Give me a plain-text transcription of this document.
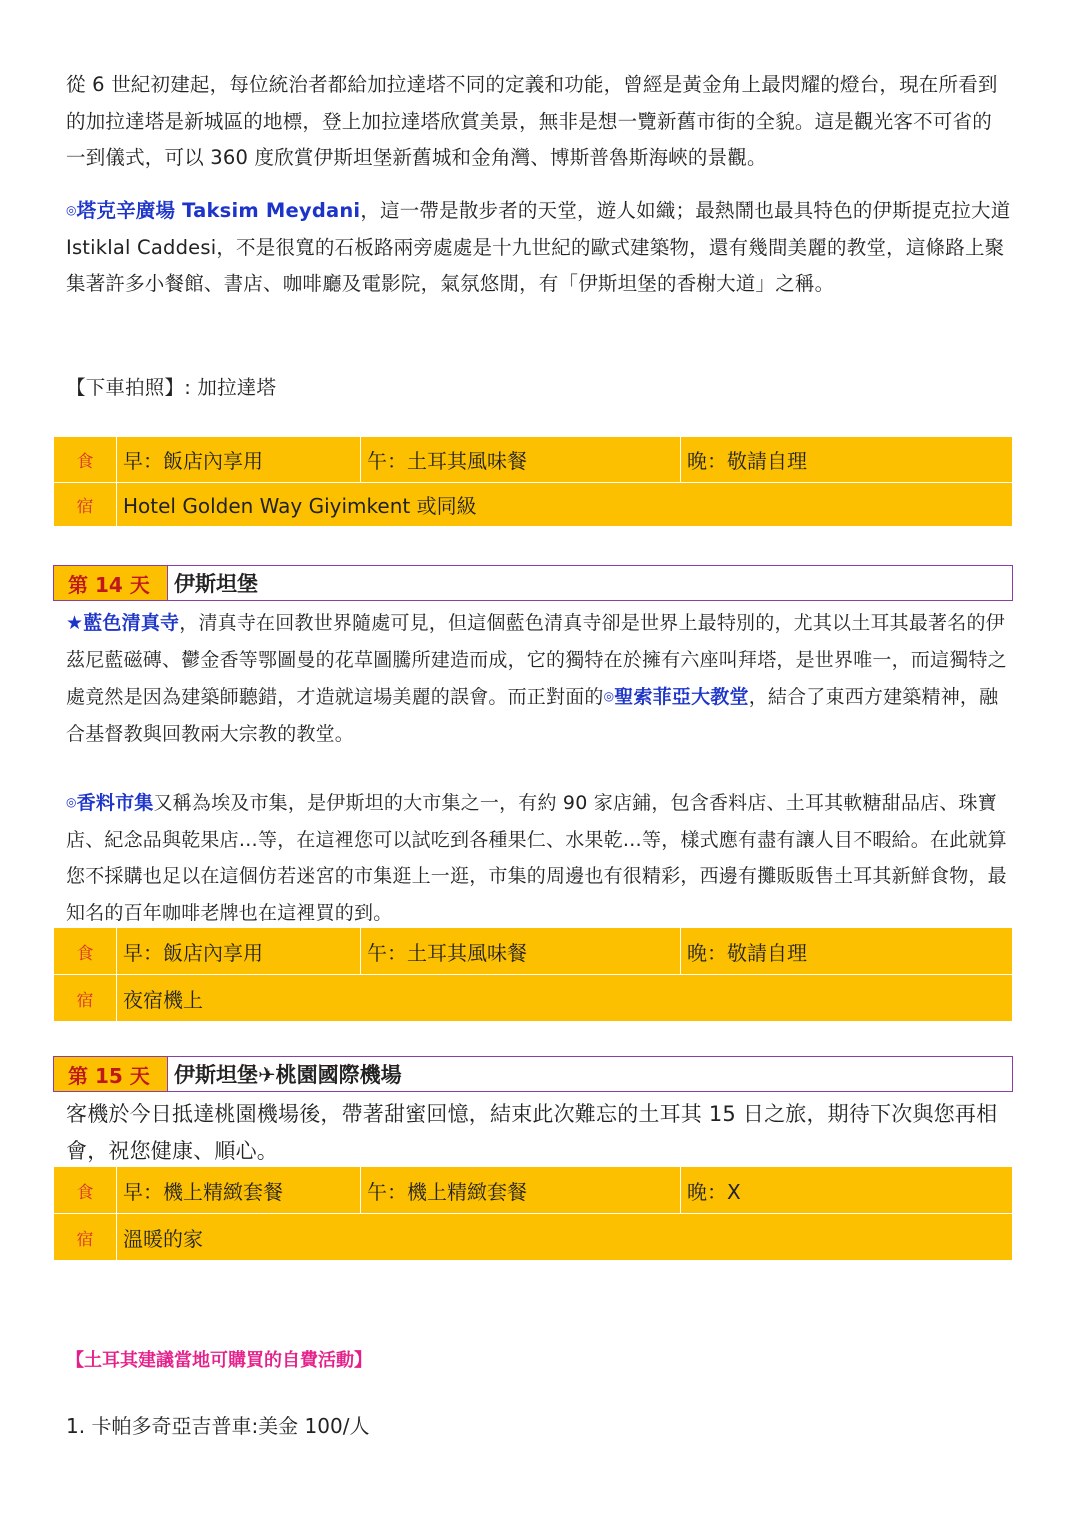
從 6 世紀初建起，每位統治者都給加拉達塔不同的定義和功能，曾經是黃金角上最閃耀的燈台，現在所看到的加拉達塔是新城區的地標，登上加拉達塔欣賞美景，無非是想一覽新舊市街的全貌。這是觀光客不可省的一到儀式，可以 360 度欣賞伊斯坦堡新舊城和金角灣、博斯普魯斯海峽的景觀。

◎塔克辛廣場 Taksim Meydani，這一帶是散步者的天堂，遊人如織；最熱鬧也最具特色的伊斯提克拉大道 Istiklal Caddesi，不是很寬的石板路兩旁處處是十九世紀的歐式建築物，還有幾間美麗的教堂，這條路上聚集著許多小餐館、書店、咖啡廳及電影院，氣氛悠閒，有「伊斯坦堡的香榭大道」之稱。

【下車拍照】: 加拉達塔

食	早：飯店內享用	午：土耳其風味餐	晚：敬請自理
宿	Hotel Golden Way Giyimkent 或同級		
第 14 天	伊斯坦堡

★藍色清真寺，清真寺在回教世界隨處可見，但這個藍色清真寺卻是世界上最特別的，尤其以土耳其最著名的伊茲尼藍磁磚、鬱金香等鄂圖曼的花草圖騰所建造而成，它的獨特在於擁有六座叫拜塔，是世界唯一，而這獨特之處竟然是因為建築師聽錯，才造就這場美麗的誤會。而正對面的◎聖索菲亞大教堂，結合了東西方建築精神，融合基督教與回教兩大宗教的教堂。

◎香料市集又稱為埃及市集，是伊斯坦的大市集之一，有約 90 家店鋪，包含香料店、土耳其軟糖甜品店、珠寶店、紀念品與乾果店…等，在這裡您可以試吃到各種果仁、水果乾…等，樣式應有盡有讓人目不暇給。在此就算您不採購也足以在這個仿若迷宮的市集逛上一逛，市集的周邊也有很精彩，西邊有攤販販售土耳其新鮮食物，最知名的百年咖啡老牌也在這裡買的到。

食	早：飯店內享用	午：土耳其風味餐	晚：敬請自理
宿	夜宿機上		
第 15 天	伊斯坦堡✈桃園國際機場

客機於今日抵達桃園機場後，帶著甜蜜回憶，結束此次難忘的土耳其 15 日之旅，期待下次與您再相會，祝您健康、順心。

食	早：機上精緻套餐	午：機上精緻套餐	晚：X
宿	溫暖的家		

【土耳其建議當地可購買的自費活動】

1. 卡帕多奇亞吉普車:美金 100/人
